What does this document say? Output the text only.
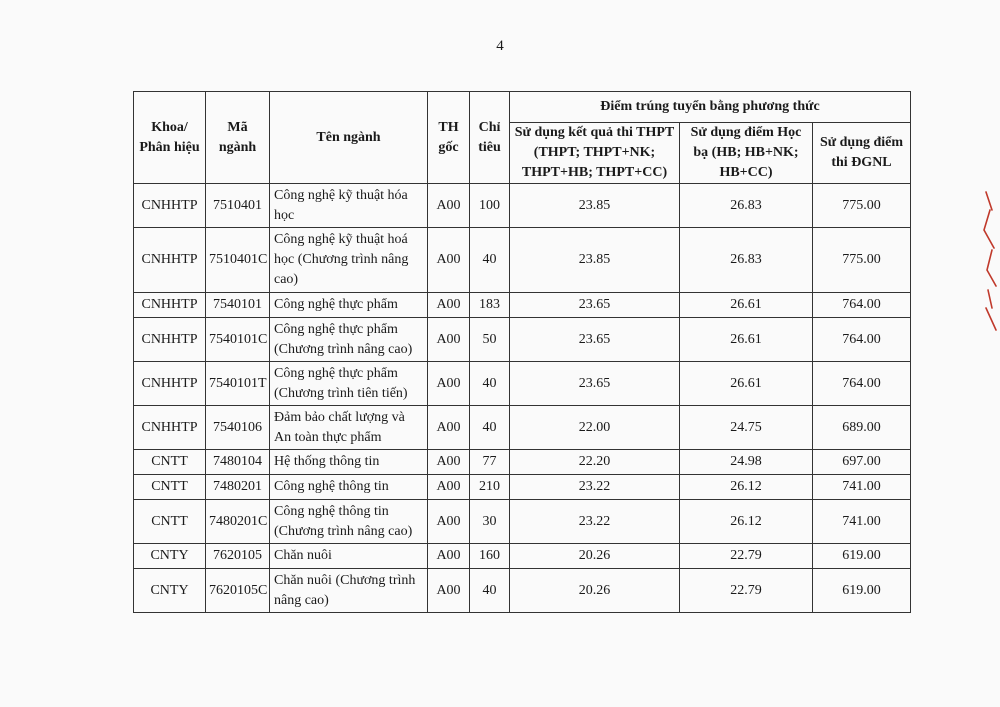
4
Khoa/ Phân hiệu	Mã ngành	Tên ngành	TH gốc	Chỉ tiêu	Điểm trúng tuyển bằng phương thức		
					Sử dụng kết quả thi THPT (THPT; THPT+NK; THPT+HB; THPT+CC)	Sử dụng điểm Học bạ (HB; HB+NK; HB+CC)	Sử dụng điểm thi ĐGNL
CNHHTP	7510401	Công nghệ kỹ thuật hóa học	A00	100	23.85	26.83	775.00
CNHHTP	7510401C	Công nghệ kỹ thuật hoá học (Chương trình nâng cao)	A00	40	23.85	26.83	775.00
CNHHTP	7540101	Công nghệ thực phẩm	A00	183	23.65	26.61	764.00
CNHHTP	7540101C	Công nghệ thực phẩm (Chương trình nâng cao)	A00	50	23.65	26.61	764.00
CNHHTP	7540101T	Công nghệ thực phẩm (Chương trình tiên tiến)	A00	40	23.65	26.61	764.00
CNHHTP	7540106	Đảm bảo chất lượng và An toàn thực phẩm	A00	40	22.00	24.75	689.00
CNTT	7480104	Hệ thống thông tin	A00	77	22.20	24.98	697.00
CNTT	7480201	Công nghệ thông tin	A00	210	23.22	26.12	741.00
CNTT	7480201C	Công nghệ thông tin (Chương trình nâng cao)	A00	30	23.22	26.12	741.00
CNTY	7620105	Chăn nuôi	A00	160	20.26	22.79	619.00
CNTY	7620105C	Chăn nuôi (Chương trình nâng cao)	A00	40	20.26	22.79	619.00
